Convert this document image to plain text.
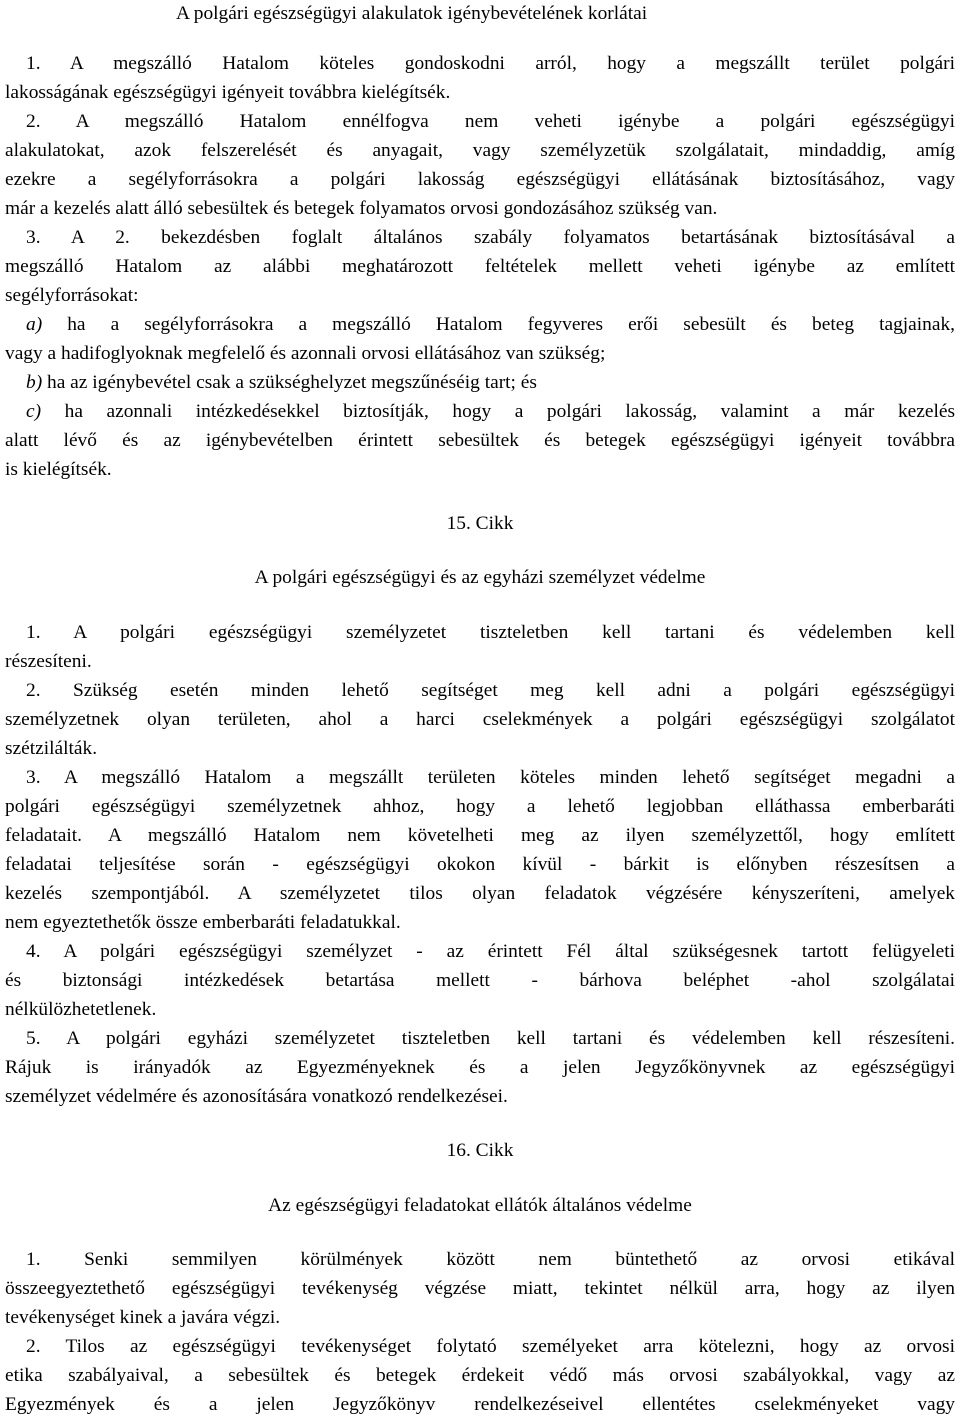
A polgári egészségügyi alakulatok igénybevételének korlátai
1. A megszálló Hatalom köteles gondoskodni arról, hogy a megszállt terület polgári
lakosságának egészségügyi igényeit továbbra kielégítsék.
2. A megszálló Hatalom ennélfogva nem veheti igénybe a polgári egészségügyi
alakulatokat, azok felszerelését és anyagait, vagy személyzetük szolgálatait, mindaddig, amíg
ezekre a segélyforrásokra a polgári lakosság egészségügyi ellátásának biztosításához, vagy
már a kezelés alatt álló sebesültek és betegek folyamatos orvosi gondozásához szükség van.
3. A 2. bekezdésben foglalt általános szabály folyamatos betartásának biztosításával a
megszálló Hatalom az alábbi meghatározott feltételek mellett veheti igénybe az említett
segélyforrásokat:
a) ha a segélyforrásokra a megszálló Hatalom fegyveres erői sebesült és beteg tagjainak,
vagy a hadifoglyoknak megfelelő és azonnali orvosi ellátásához van szükség;
b) ha az igénybevétel csak a szükséghelyzet megszűnéséig tart; és
c) ha azonnali intézkedésekkel biztosítják, hogy a polgári lakosság, valamint a már kezelés
alatt lévő és az igénybevételben érintett sebesültek és betegek egészségügyi igényeit továbbra
is kielégítsék.
15. Cikk
A polgári egészségügyi és az egyházi személyzet védelme
1. A polgári egészségügyi személyzetet tiszteletben kell tartani és védelemben kell
részesíteni.
2. Szükség esetén minden lehető segítséget meg kell adni a polgári egészségügyi
személyzetnek olyan területen, ahol a harci cselekmények a polgári egészségügyi szolgálatot
szétzilálták.
3. A megszálló Hatalom a megszállt területen köteles minden lehető segítséget megadni a
polgári egészségügyi személyzetnek ahhoz, hogy a lehető legjobban elláthassa emberbaráti
feladatait. A megszálló Hatalom nem követelheti meg az ilyen személyzettől, hogy említett
feladatai teljesítése során - egészségügyi okokon kívül - bárkit is előnyben részesítsen a
kezelés szempontjából. A személyzetet tilos olyan feladatok végzésére kényszeríteni, amelyek
nem egyeztethetők össze emberbaráti feladatukkal.
4. A polgári egészségügyi személyzet - az érintett Fél által szükségesnek tartott felügyeleti
és biztonsági intézkedések betartása mellett - bárhova beléphet -ahol szolgálatai
nélkülözhetetlenek.
5. A polgári egyházi személyzetet tiszteletben kell tartani és védelemben kell részesíteni.
Rájuk is irányadók az Egyezményeknek és a jelen Jegyzőkönyvnek az egészségügyi
személyzet védelmére és azonosítására vonatkozó rendelkezései.
16. Cikk
Az egészségügyi feladatokat ellátók általános védelme
1. Senki semmilyen körülmények között nem büntethető az orvosi etikával
összeegyeztethető egészségügyi tevékenység végzése miatt, tekintet nélkül arra, hogy az ilyen
tevékenységet kinek a javára végzi.
2. Tilos az egészségügyi tevékenységet folytató személyeket arra kötelezni, hogy az orvosi
etika szabályaival, a sebesültek és betegek érdekeit védő más orvosi szabályokkal, vagy az
Egyezmények és a jelen Jegyzőkönyv rendelkezéseivel ellentétes cselekményeket vagy
